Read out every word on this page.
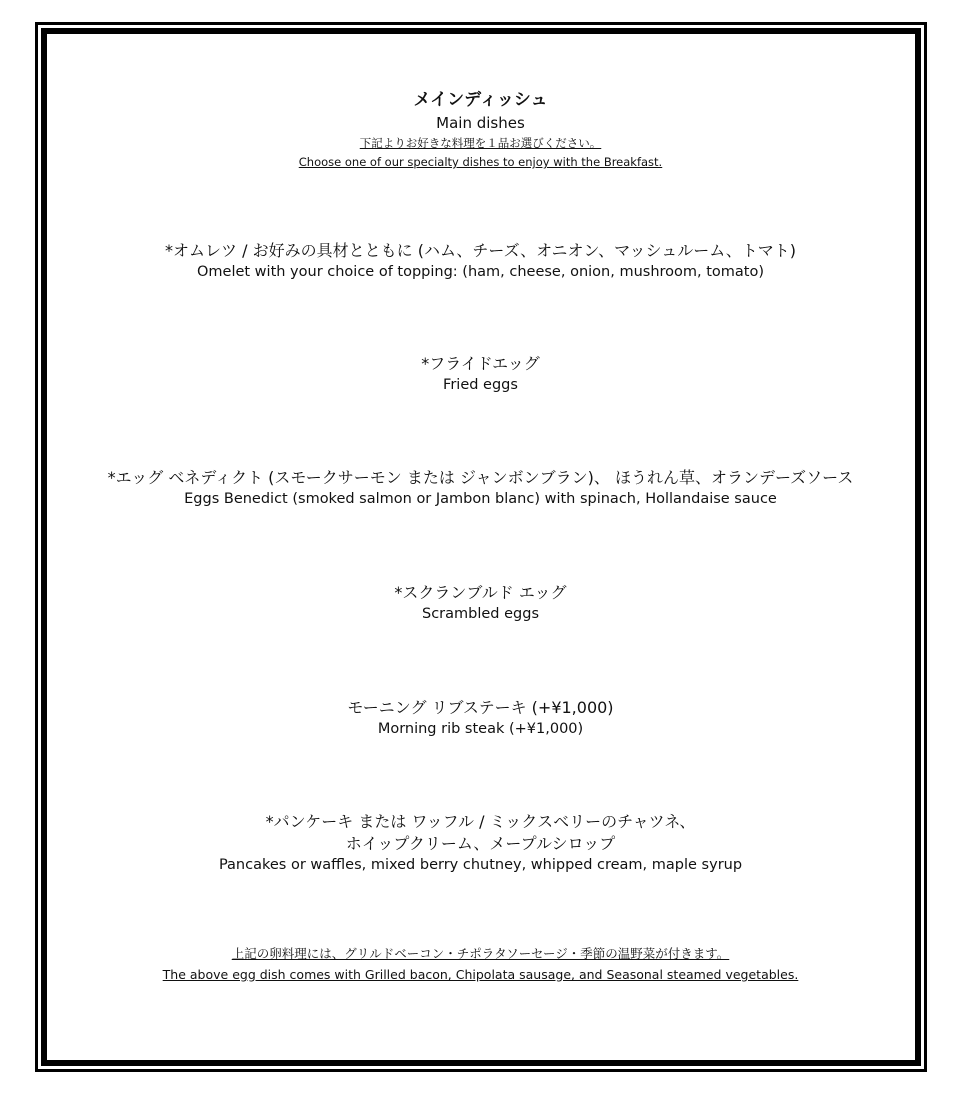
メインディッシュ
Main dishes
下記よりお好きな料理を１品お選びください。
Choose one of our specialty dishes to enjoy with the Breakfast.
*オムレツ / お好みの具材とともに (ハム、チーズ、オニオン、マッシュルーム、トマト)
Omelet with your choice of topping: (ham, cheese, onion, mushroom, tomato)
*フライドエッグ
Fried eggs
*エッグ ベネディクト (スモークサーモン または ジャンボンブラン)、 ほうれん草、オランデーズソース
Eggs Benedict (smoked salmon or Jambon blanc) with spinach, Hollandaise sauce
*スクランブルド エッグ
Scrambled eggs
モーニング リブステーキ (+¥1,000)
Morning rib steak (+¥1,000)
*パンケーキ または ワッフル / ミックスベリーのチャツネ、
ホイップクリーム、メープルシロップ
Pancakes or waffles, mixed berry chutney, whipped cream, maple syrup
上記の卵料理には、グリルドベーコン・チポラタソーセージ・季節の温野菜が付きます。
The above egg dish comes with Grilled bacon, Chipolata sausage, and Seasonal steamed vegetables.
